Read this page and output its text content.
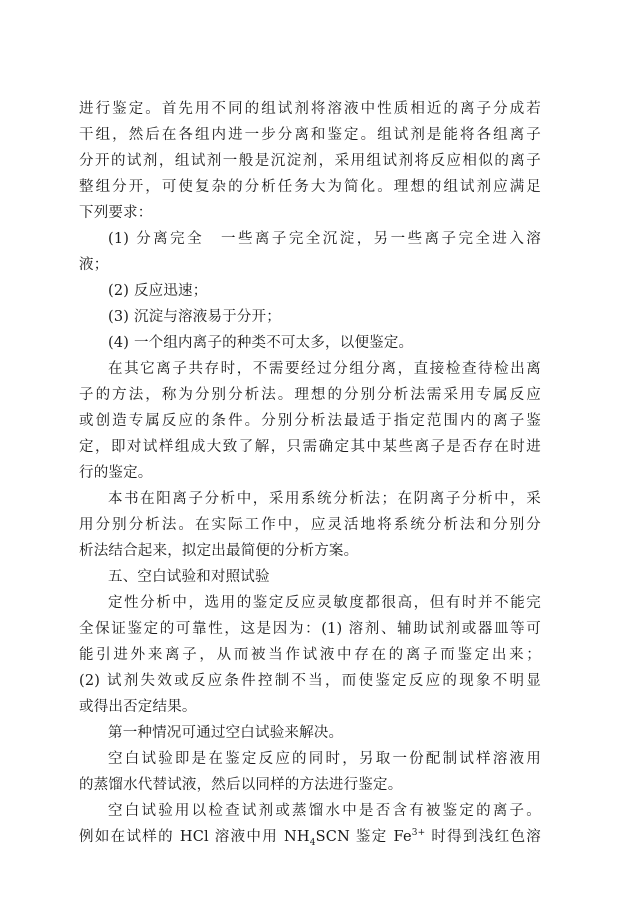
进行鉴定。首先用不同的组试剂将溶液中性质相近的离子分成若
干组，然后在各组内进一步分离和鉴定。组试剂是能将各组离子
分开的试剂，组试剂一般是沉淀剂，采用组试剂将反应相似的离子
整组分开，可使复杂的分析任务大为简化。理想的组试剂应满足
下列要求：
(1) 分离完全　一些离子完全沉淀，另一些离子完全进入溶
液；
(2) 反应迅速；
(3) 沉淀与溶液易于分开；
(4) 一个组内离子的种类不可太多，以便鉴定。
在其它离子共存时，不需要经过分组分离，直接检查待检出离
子的方法，称为分别分析法。理想的分别分析法需采用专属反应
或创造专属反应的条件。分别分析法最适于指定范围内的离子鉴
定，即对试样组成大致了解，只需确定其中某些离子是否存在时进
行的鉴定。
本书在阳离子分析中，采用系统分析法；在阴离子分析中，采
用分别分析法。在实际工作中，应灵活地将系统分析法和分别分
析法结合起来，拟定出最简便的分析方案。
五、空白试验和对照试验
定性分析中，选用的鉴定反应灵敏度都很高，但有时并不能完
全保证鉴定的可靠性，这是因为：(1) 溶剂、辅助试剂或器皿等可
能引进外来离子，从而被当作试液中存在的离子而鉴定出来；
(2) 试剂失效或反应条件控制不当，而使鉴定反应的现象不明显
或得出否定结果。
第一种情况可通过空白试验来解决。
空白试验即是在鉴定反应的同时，另取一份配制试样溶液用
的蒸馏水代替试液，然后以同样的方法进行鉴定。
空白试验用以检查试剂或蒸馏水中是否含有被鉴定的离子。
例如在试样的 HCl 溶液中用 $NH_4SCN$ 鉴定 $Fe^{3+}$ 时得到浅红色溶
